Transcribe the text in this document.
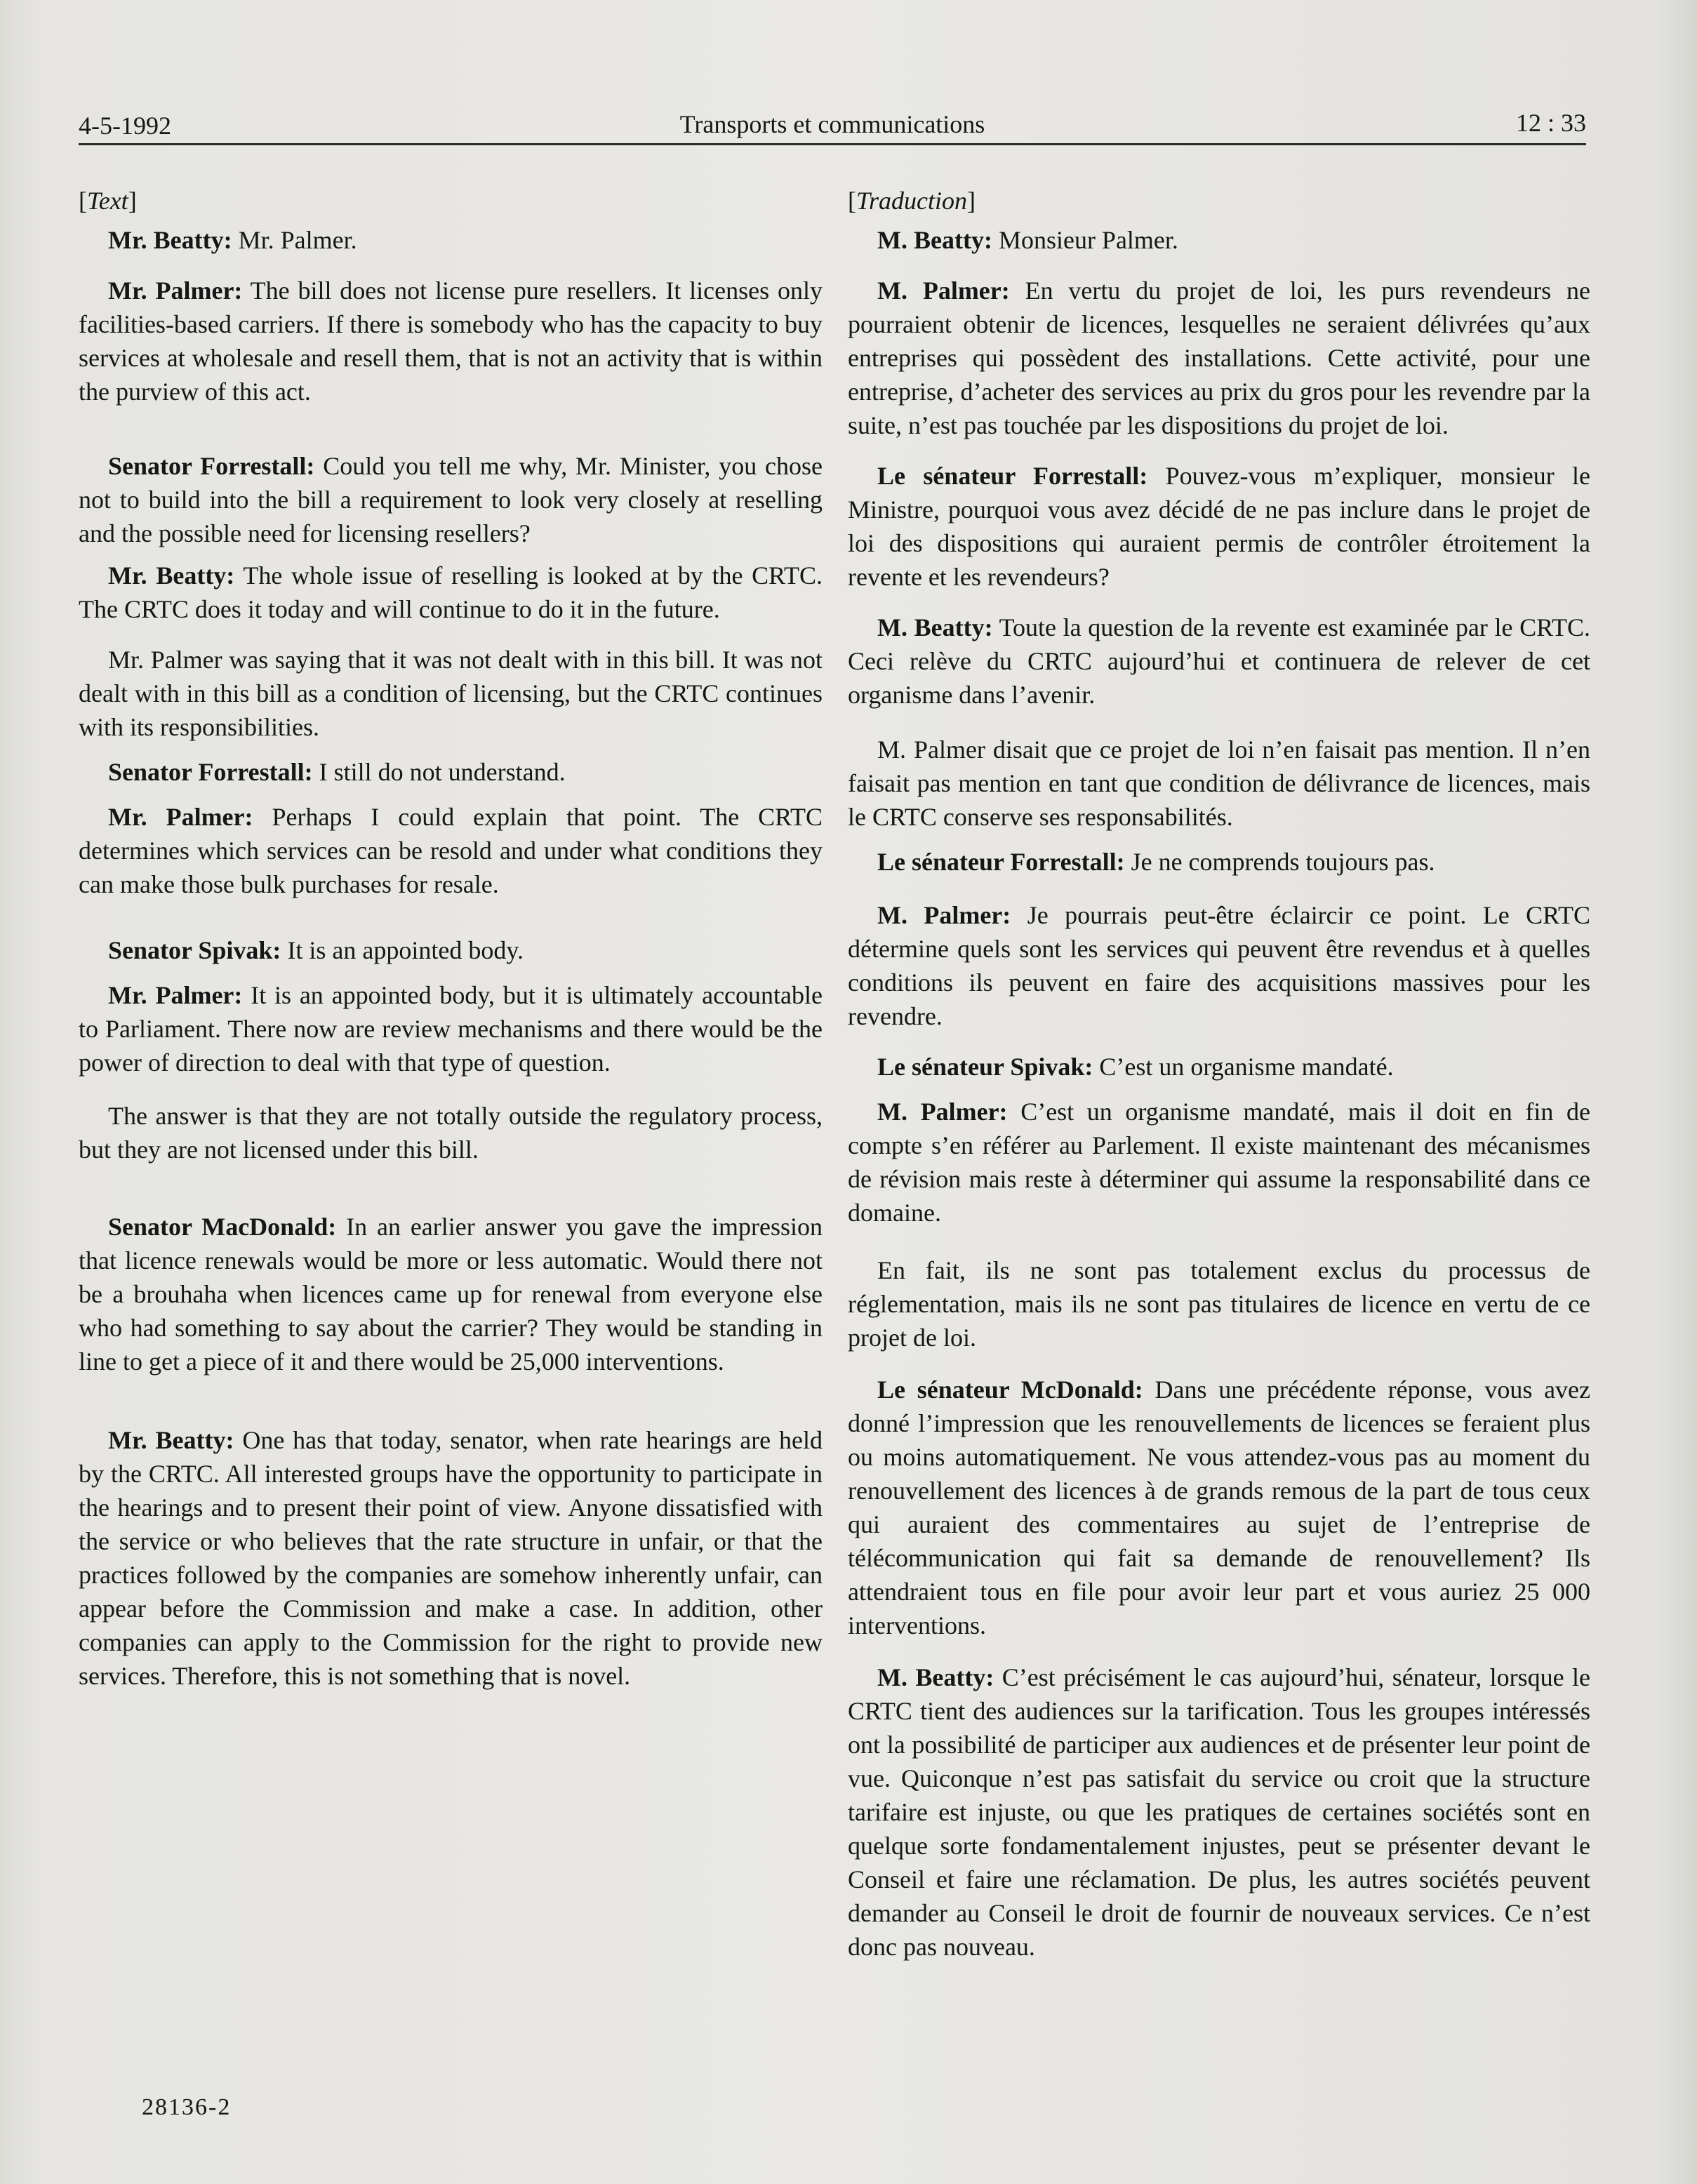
4-5-1992	Transports et communications	12 : 33
[Text]

Mr. Beatty: Mr. Palmer.

Mr. Palmer: The bill does not license pure resellers. It licenses only facilities-based carriers. If there is somebody who has the capacity to buy services at wholesale and resell them, that is not an activity that is within the purview of this act.

Senator Forrestall: Could you tell me why, Mr. Minister, you chose not to build into the bill a requirement to look very closely at reselling and the possible need for licensing resellers?

Mr. Beatty: The whole issue of reselling is looked at by the CRTC. The CRTC does it today and will continue to do it in the future.

Mr. Palmer was saying that it was not dealt with in this bill. It was not dealt with in this bill as a condition of licensing, but the CRTC continues with its responsibilities.

Senator Forrestall: I still do not understand.

Mr. Palmer: Perhaps I could explain that point. The CRTC determines which services can be resold and under what conditions they can make those bulk purchases for resale.

Senator Spivak: It is an appointed body.

Mr. Palmer: It is an appointed body, but it is ultimately accountable to Parliament. There now are review mechanisms and there would be the power of direction to deal with that type of question.

The answer is that they are not totally outside the regulatory process, but they are not licensed under this bill.

Senator MacDonald: In an earlier answer you gave the impression that licence renewals would be more or less automatic. Would there not be a brouhaha when licences came up for renewal from everyone else who had something to say about the carrier? They would be standing in line to get a piece of it and there would be 25,000 interventions.

Mr. Beatty: One has that today, senator, when rate hearings are held by the CRTC. All interested groups have the opportunity to participate in the hearings and to present their point of view. Anyone dissatisfied with the service or who believes that the rate structure in unfair, or that the practices followed by the companies are somehow inherently unfair, can appear before the Commission and make a case. In addition, other companies can apply to the Commission for the right to provide new services. Therefore, this is not something that is novel.

[Traduction]

M. Beatty: Monsieur Palmer.

M. Palmer: En vertu du projet de loi, les purs revendeurs ne pourraient obtenir de licences, lesquelles ne seraient délivrées qu’aux entreprises qui possèdent des installations. Cette activité, pour une entreprise, d’acheter des services au prix du gros pour les revendre par la suite, n’est pas touchée par les dispositions du projet de loi.

Le sénateur Forrestall: Pouvez-vous m’expliquer, monsieur le Ministre, pourquoi vous avez décidé de ne pas inclure dans le projet de loi des dispositions qui auraient permis de contrôler étroitement la revente et les revendeurs?

M. Beatty: Toute la question de la revente est examinée par le CRTC. Ceci relève du CRTC aujourd’hui et continuera de relever de cet organisme dans l’avenir.

M. Palmer disait que ce projet de loi n’en faisait pas mention. Il n’en faisait pas mention en tant que condition de délivrance de licences, mais le CRTC conserve ses responsabilités.

Le sénateur Forrestall: Je ne comprends toujours pas.

M. Palmer: Je pourrais peut-être éclaircir ce point. Le CRTC détermine quels sont les services qui peuvent être revendus et à quelles conditions ils peuvent en faire des acquisitions massives pour les revendre.

Le sénateur Spivak: C’est un organisme mandaté.

M. Palmer: C’est un organisme mandaté, mais il doit en fin de compte s’en référer au Parlement. Il existe maintenant des mécanismes de révision mais reste à déterminer qui assume la responsabilité dans ce domaine.

En fait, ils ne sont pas totalement exclus du processus de réglementation, mais ils ne sont pas titulaires de licence en vertu de ce projet de loi.

Le sénateur McDonald: Dans une précédente réponse, vous avez donné l’impression que les renouvellements de licences se feraient plus ou moins automatiquement. Ne vous attendez-vous pas au moment du renouvellement des licences à de grands remous de la part de tous ceux qui auraient des commentaires au sujet de l’entreprise de télécommunication qui fait sa demande de renouvellement? Ils attendraient tous en file pour avoir leur part et vous auriez 25 000 interventions.

M. Beatty: C’est précisément le cas aujourd’hui, sénateur, lorsque le CRTC tient des audiences sur la tarification. Tous les groupes intéressés ont la possibilité de participer aux audiences et de présenter leur point de vue. Quiconque n’est pas satisfait du service ou croit que la structure tarifaire est injuste, ou que les pratiques de certaines sociétés sont en quelque sorte fondamentalement injustes, peut se présenter devant le Conseil et faire une réclamation. De plus, les autres sociétés peuvent demander au Conseil le droit de fournir de nouveaux services. Ce n’est donc pas nouveau.

28136-2
